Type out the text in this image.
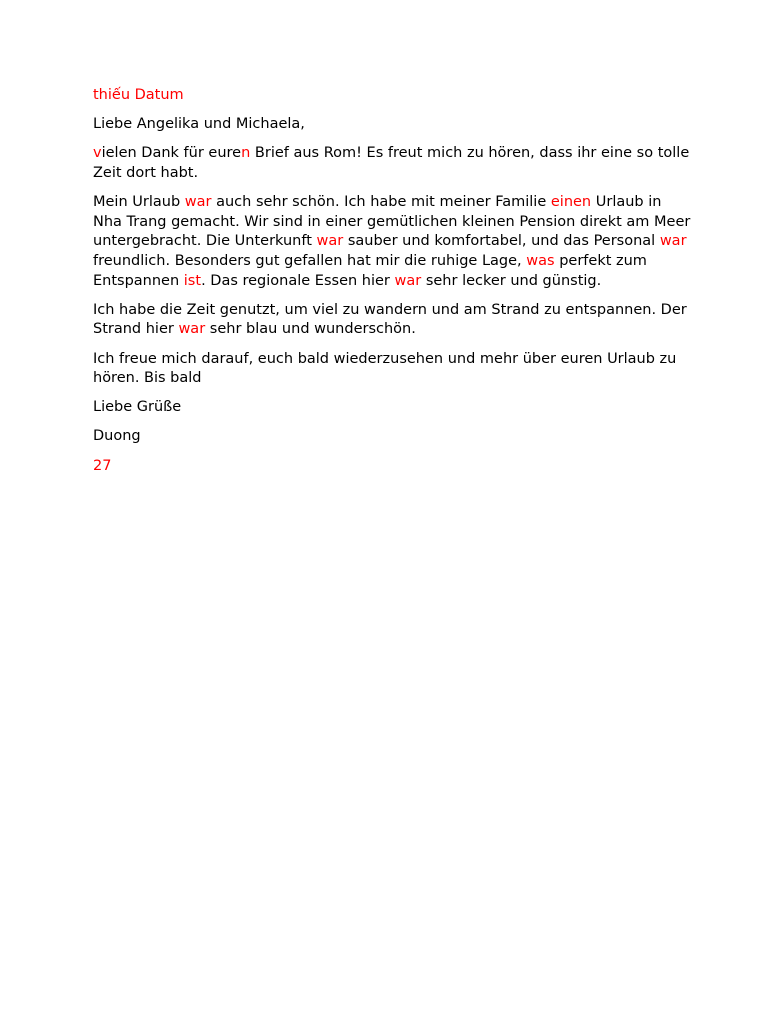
thiếu Datum

Liebe Angelika und Michaela,

vielen Dank für euren Brief aus Rom! Es freut mich zu hören, dass ihr eine so tolle Zeit dort habt.

Mein Urlaub war auch sehr schön. Ich habe mit meiner Familie einen Urlaub in Nha Trang gemacht. Wir sind in einer gemütlichen kleinen Pension direkt am Meer untergebracht. Die Unterkunft war sauber und komfortabel, und das Personal war freundlich. Besonders gut gefallen hat mir die ruhige Lage, was perfekt zum Entspannen ist. Das regionale Essen hier war sehr lecker und günstig.

Ich habe die Zeit genutzt, um viel zu wandern und am Strand zu entspannen. Der Strand hier war sehr blau und wunderschön.

Ich freue mich darauf, euch bald wiederzusehen und mehr über euren Urlaub zu hören. Bis bald

Liebe Grüße

Duong

27
